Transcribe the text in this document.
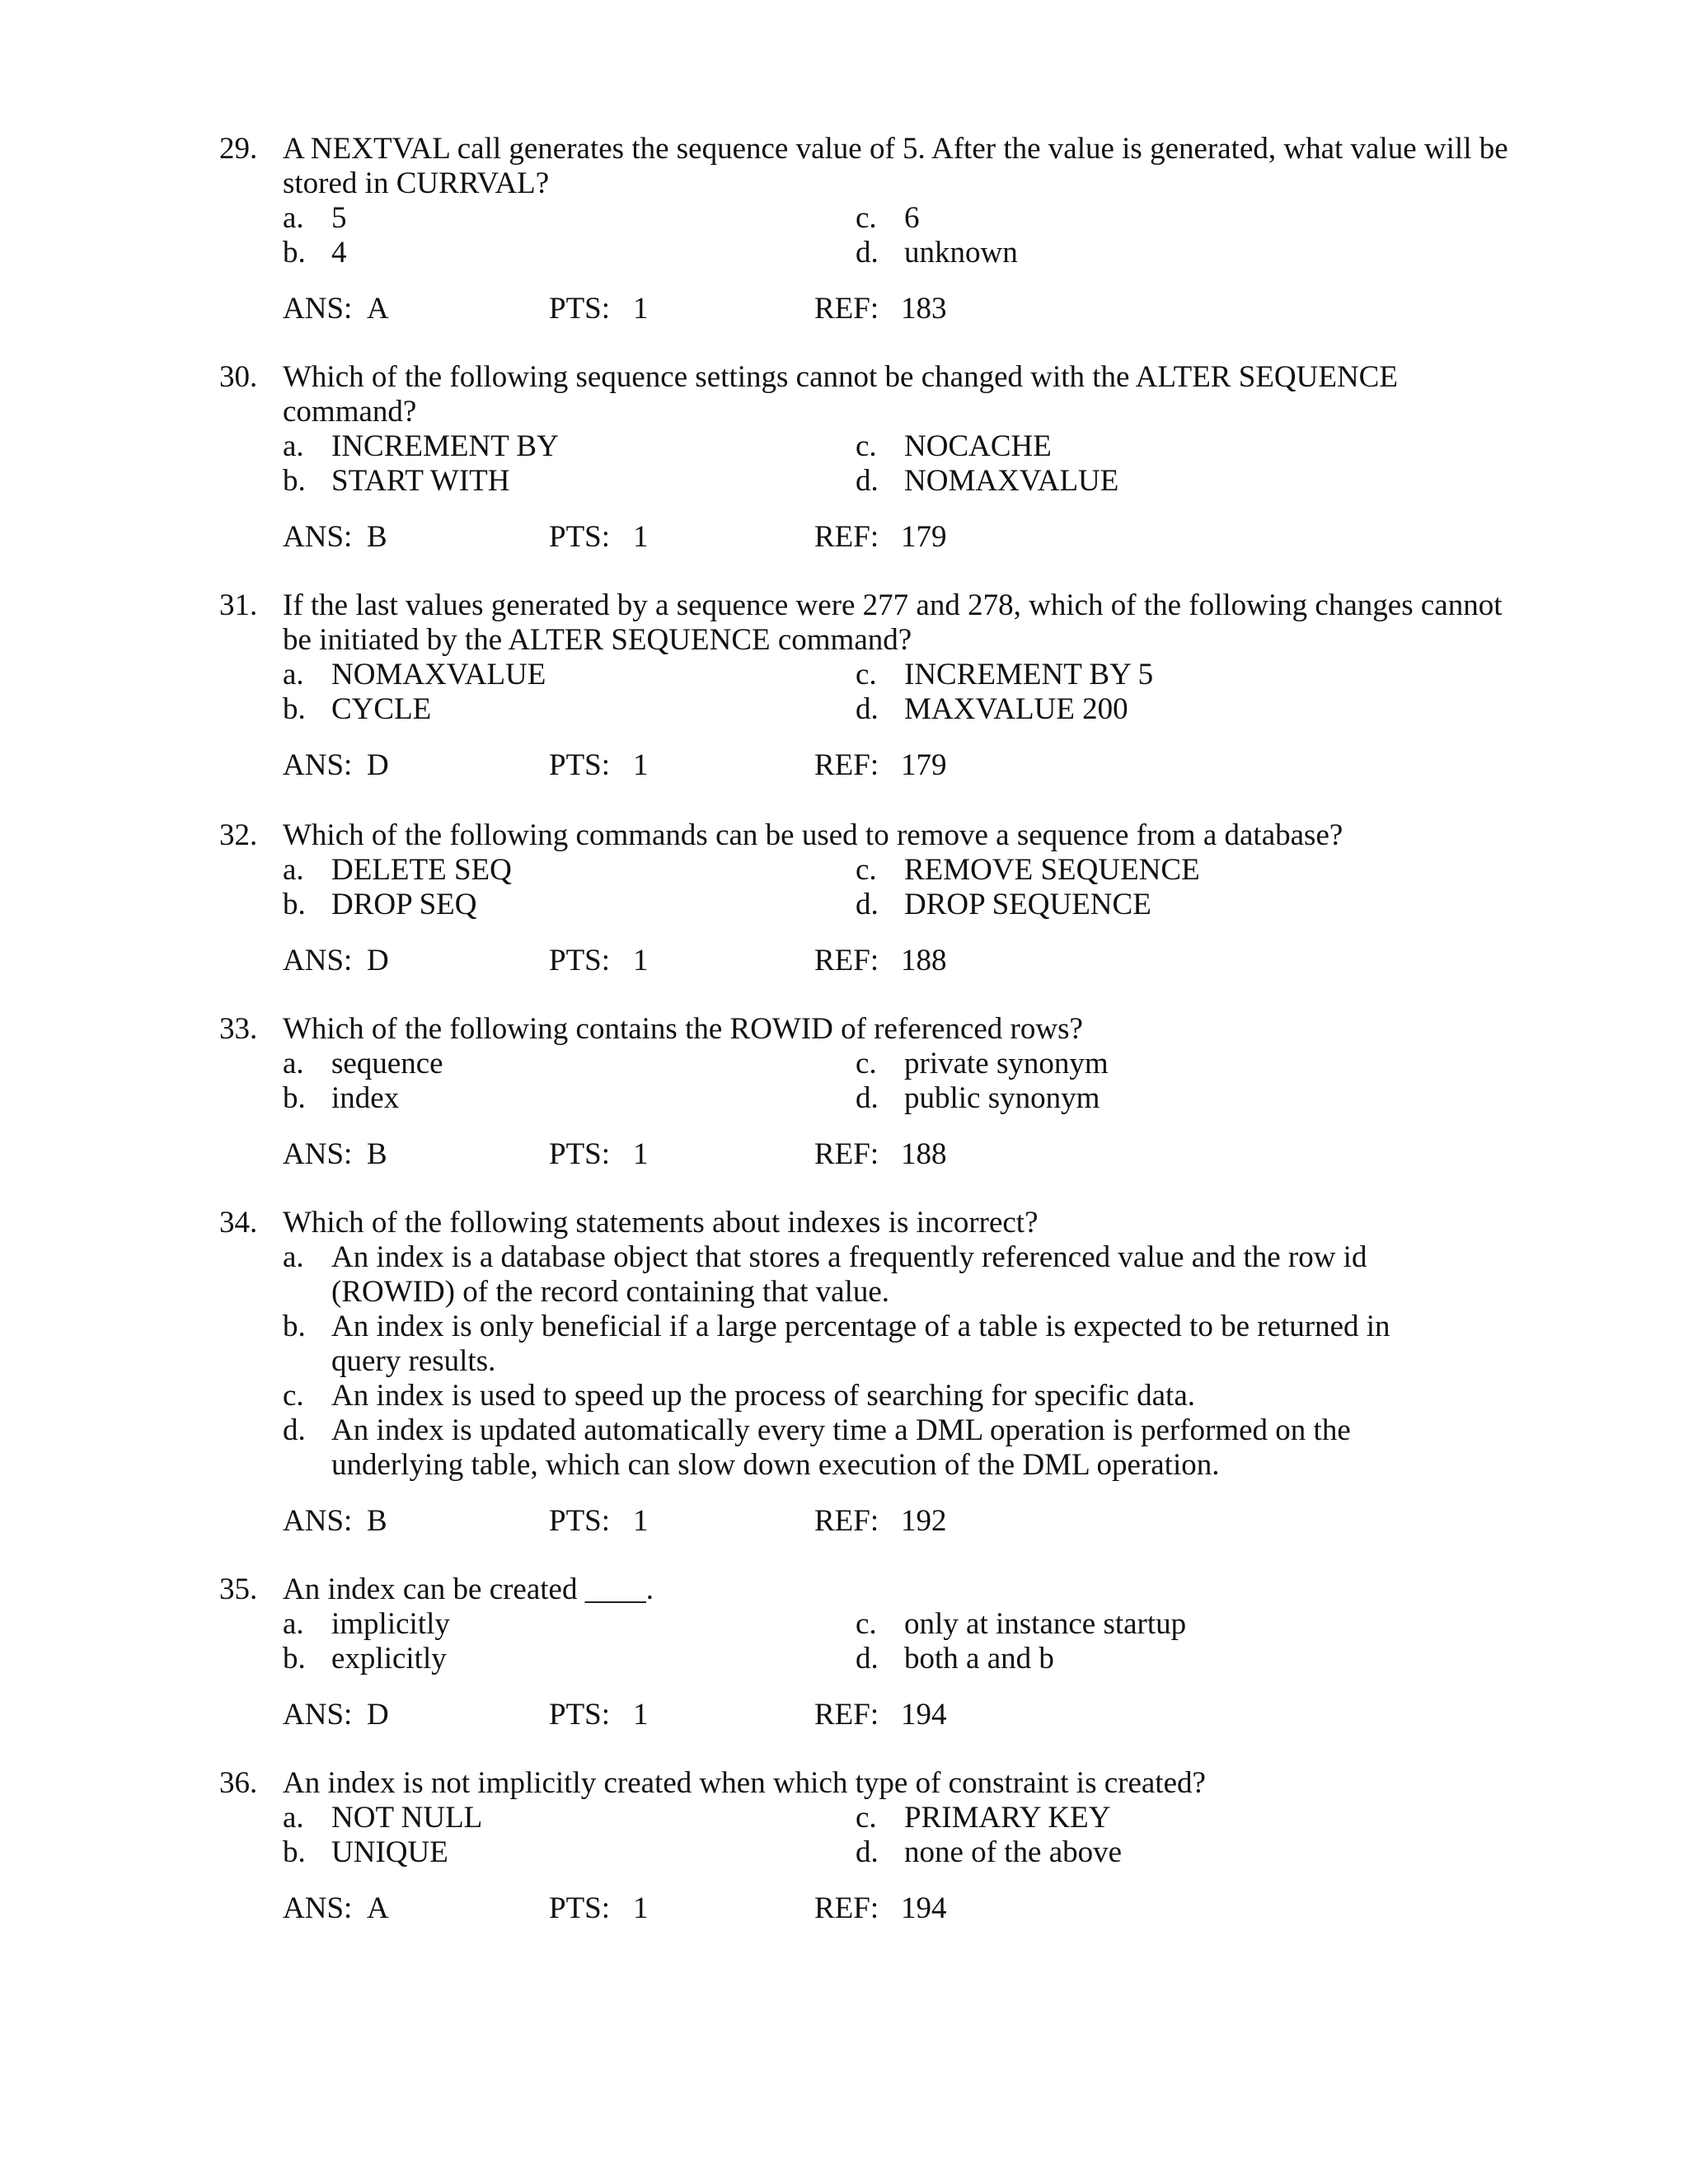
29. A NEXTVAL call generates the sequence value of 5. After the value is generated, what value will be stored in CURRVAL?
a. 5
b. 4
c. 6
d. unknown
ANS: A	PTS: 1	REF: 183
30. Which of the following sequence settings cannot be changed with the ALTER SEQUENCE command?
a. INCREMENT BY
b. START WITH
c. NOCACHE
d. NOMAXVALUE
ANS: B	PTS: 1	REF: 179
31. If the last values generated by a sequence were 277 and 278, which of the following changes cannot be initiated by the ALTER SEQUENCE command?
a. NOMAXVALUE
b. CYCLE
c. INCREMENT BY 5
d. MAXVALUE 200
ANS: D	PTS: 1	REF: 179
32. Which of the following commands can be used to remove a sequence from a database?
a. DELETE SEQ
b. DROP SEQ
c. REMOVE SEQUENCE
d. DROP SEQUENCE
ANS: D	PTS: 1	REF: 188
33. Which of the following contains the ROWID of referenced rows?
a. sequence
b. index
c. private synonym
d. public synonym
ANS: B	PTS: 1	REF: 188
34. Which of the following statements about indexes is incorrect?
a. An index is a database object that stores a frequently referenced value and the row id (ROWID) of the record containing that value.
b. An index is only beneficial if a large percentage of a table is expected to be returned in query results.
c. An index is used to speed up the process of searching for specific data.
d. An index is updated automatically every time a DML operation is performed on the underlying table, which can slow down execution of the DML operation.
ANS: B	PTS: 1	REF: 192
35. An index can be created ____.
a. implicitly
b. explicitly
c. only at instance startup
d. both a and b
ANS: D	PTS: 1	REF: 194
36. An index is not implicitly created when which type of constraint is created?
a. NOT NULL
b. UNIQUE
c. PRIMARY KEY
d. none of the above
ANS: A	PTS: 1	REF: 194
